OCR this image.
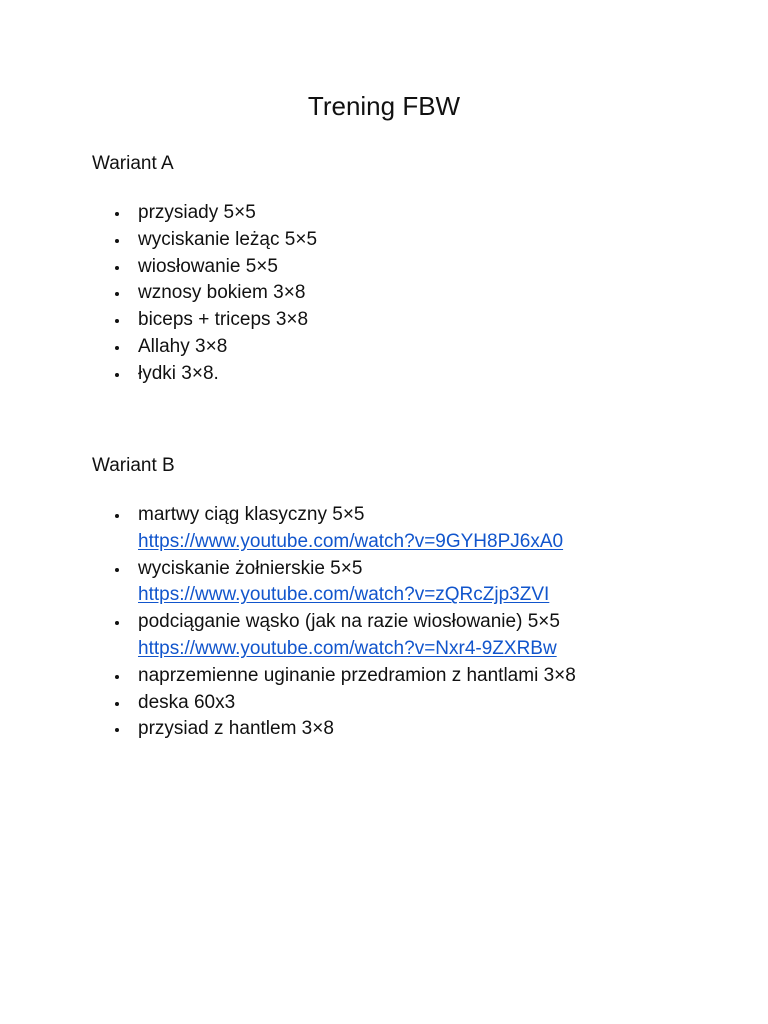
Trening FBW
Wariant A
przysiady 5×5
wyciskanie leżąc 5×5
wiosłowanie 5×5
wznosy bokiem 3×8
biceps + triceps 3×8
Allahy 3×8
łydki 3×8.
Wariant B
martwy ciąg klasyczny 5×5
https://www.youtube.com/watch?v=9GYH8PJ6xA0
wyciskanie żołnierskie 5×5
https://www.youtube.com/watch?v=zQRcZjp3ZVI
podciąganie wąsko (jak na razie wiosłowanie) 5×5
https://www.youtube.com/watch?v=Nxr4-9ZXRBw
naprzemienne uginanie przedramion z hantlami 3×8
deska 60x3
przysiad z hantlem 3×8
